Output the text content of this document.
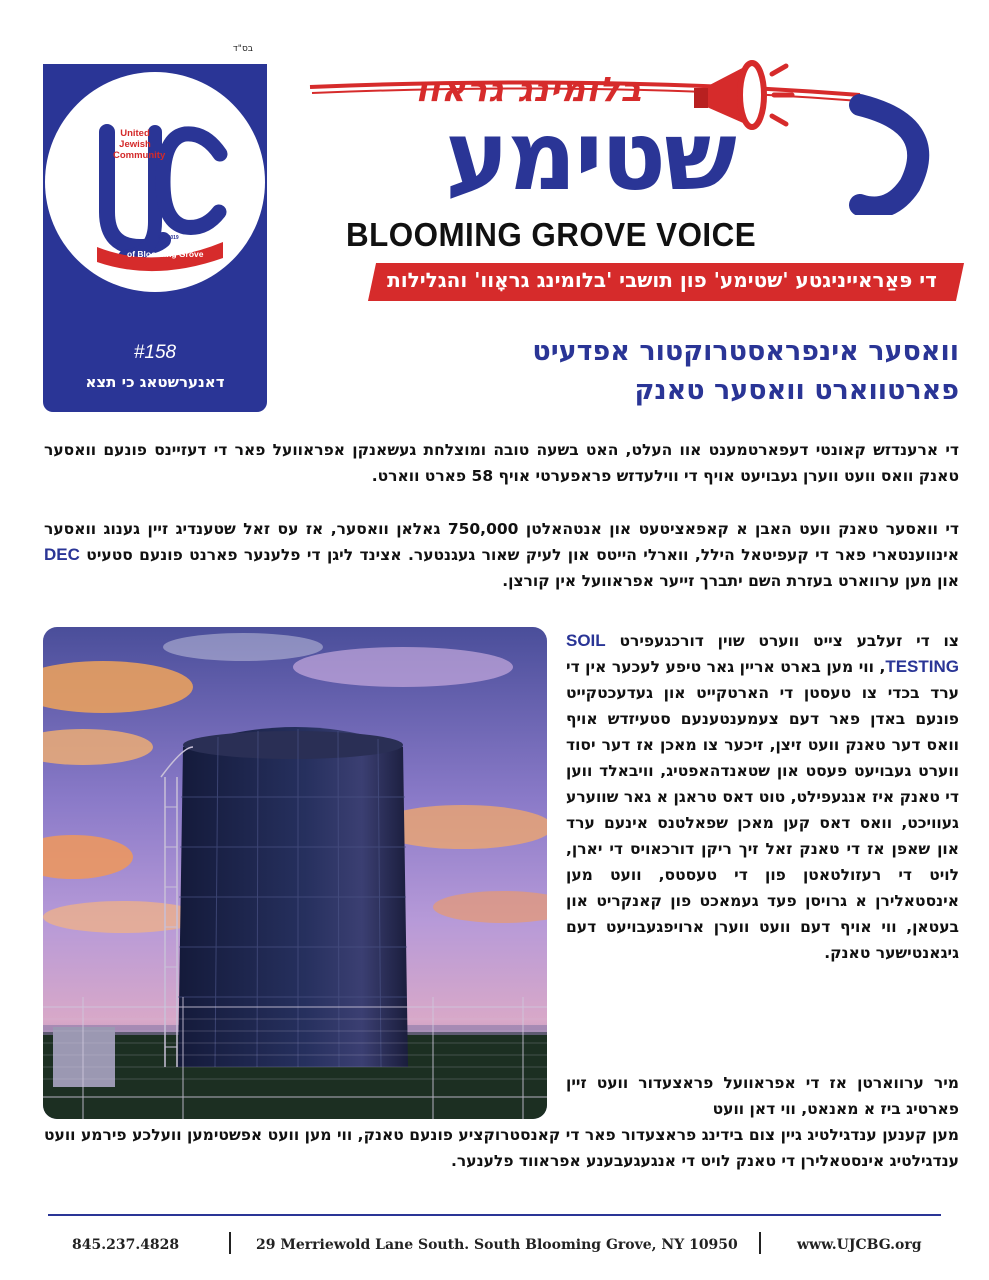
בס"ד
United Jewish Community
Est. 2019
of Blooming Grove
#158
דאנערשטאג כי תצא
בלומינג גראוו
שטימע
BLOOMING GROVE VOICE
די פּאַראייניגטע 'שטימע' פון תושבי 'בלומינג גראָוו' והגלילות
וואסער אינפראסטרוקטור אפדעיט
פארטווארט וואסער טאנק

די ארענדזש קאונטי דעפארטמענט אוו העלט, האט בשעה טובה ומוצלחת געשאנקן אפראוועל פאר די דעזיינס פונעם וואסער טאנק וואס וועט ווערן געבויעט אויף די ווילעדזש פראפערטי אויף 58 פארט ווארט.

די וואסער טאנק וועט האבן א קאפאציטעט און אנטהאלטן 750,000 גאלאן וואסער, אז עס זאל שטענדיג זיין גענוג וואסער אינווענטארי פאר די קעפיטאל הילל, ווארלי הייטס און לעיק שאור געגנטער. אצינד ליגן די פלענער פארנט פונעם סטעיט DEC און מען ערווארט בעזרת השם יתברך זייער אפראוועל אין קורצן.

צו די זעלבע צייט ווערט שוין דורכגעפירט SOIL TESTING, ווי מען בארט אריין גאר טיפע לעכער אין די ערד בכדי צו טעסטן די הארטקייט און געדעכטקייט פונעם באדן פאר דעם צעמענטענעם סטעיזדש אויף וואס דער טאנק וועט זיצן, זיכער צו מאכן אז דער יסוד ווערט געבויעט פעסט און שטאנדהאפטיג, וויבאלד ווען די טאנק איז אנגעפילט, טוט דאס טראגן א גאר שווערע געוויכט, וואס דאס קען מאכן שפאלטנס אינעם ערד און שאפן אז די טאנק זאל זיך ריקן דורכאויס די יארן, לויט די רעזולטאטן פון די טעסטס, וועט מען אינסטאלירן א גרויסן פעד געמאכט פון קאנקריט און בעטאן, ווי אויף דעם וועט ווערן ארויפגעבויעט דעם גיגאנטישער טאנק.

מיר ערווארטן אז די אפראוועל פראצעדור וועט זיין פארטיג ביז א מאנאט, ווי דאן וועט

מען קענען ענדגילטיג גיין צום בידינג פראצעדור פאר די קאנסטרוקציע פונעם טאנק, ווי מען וועט אפשטימען וועלכע פירמע וועט ענדגילטיג אינסטאלירן די טאנק לויט די אנגעגעבענע אפראווד פלענער.

845.237.4828	29 Merriewold Lane South. South Blooming Grove, NY 10950	www.UJCBG.org
